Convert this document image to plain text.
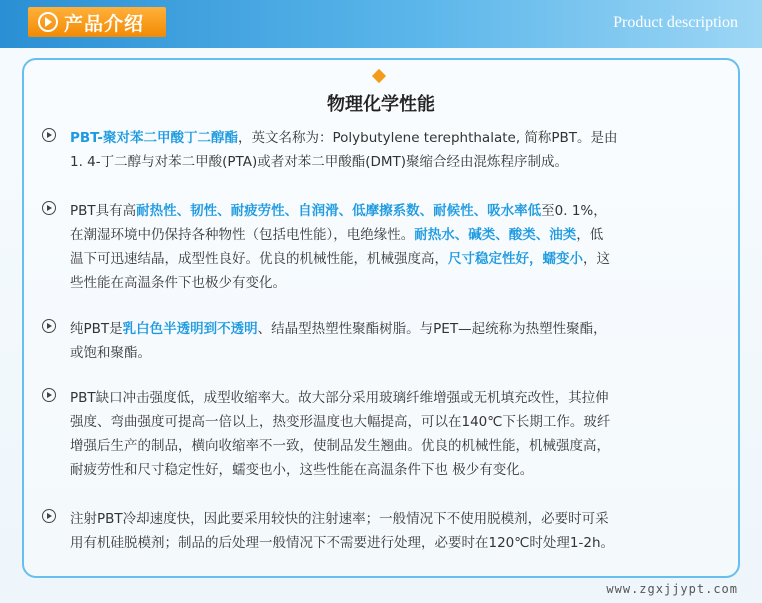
产品介绍	Product description
物理化学性能
PBT-聚对苯二甲酸丁二醇酯，英文名称为：Polybutylene terephthalate, 简称PBT。是由
1. 4-丁二醇与对苯二甲酸(PTA)或者对苯二甲酸酯(DMT)聚缩合经由混炼程序制成。
PBT具有高耐热性、韧性、耐疲劳性、自润滑、低摩擦系数、耐候性、吸水率低至0. 1%，
在潮湿环境中仍保持各种物性（包括电性能），电绝缘性。耐热水、碱类、酸类、油类，低
温下可迅速结晶，成型性良好。优良的机械性能，机械强度高，尺寸稳定性好，蠕变小，这
些性能在高温条件下也极少有变化。
纯PBT是乳白色半透明到不透明、结晶型热塑性聚酯树脂。与PET—起统称为热塑性聚酯，
或饱和聚酯。
PBT缺口冲击强度低，成型收缩率大。故大部分采用玻璃纤维增强或无机填充改性，其拉伸
强度、弯曲强度可提高一倍以上，热变形温度也大幅提高，可以在140℃下长期工作。玻纤
增强后生产的制品，横向收缩率不一致，使制品发生翘曲。优良的机械性能，机械强度高，
耐疲劳性和尺寸稳定性好，蠕变也小，这些性能在高温条件下也 极少有变化。
注射PBT冷却速度快，因此要采用较快的注射速率；一般情况下不使用脱模剂，必要时可采
用有机硅脱模剂；制品的后处理一般情况下不需要进行处理，必要时在120℃时处理1-2h。
www.zgxjjypt.com
